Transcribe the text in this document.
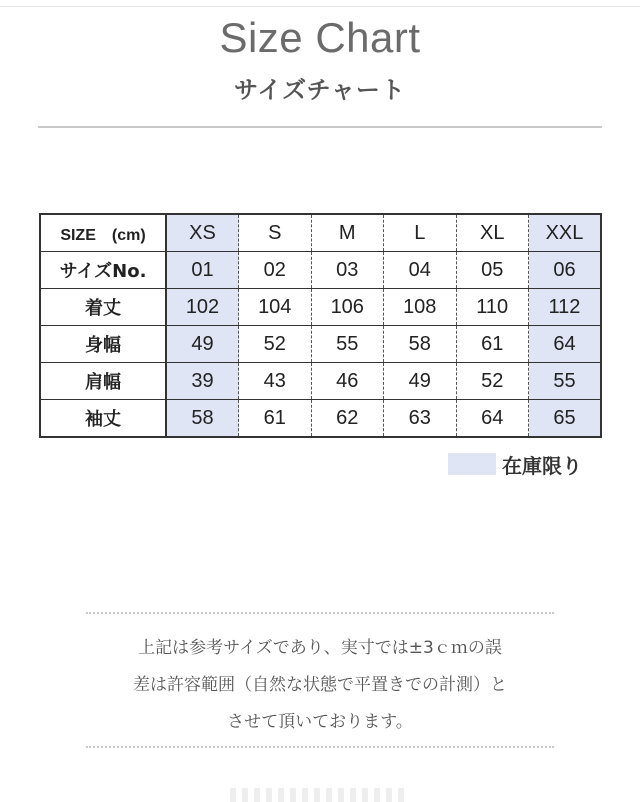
Size Chart
サイズチャート
SIZE　(cm)	XS	S	M	L	XL	XXL
サイズNo.	01	02	03	04	05	06
着丈	102	104	106	108	110	112
身幅	49	52	55	58	61	64
肩幅	39	43	46	49	52	55
袖丈	58	61	62	63	64	65
在庫限り
上記は参考サイズであり、実寸では±3ｃｍの誤
差は許容範囲（自然な状態で平置きでの計測）と
させて頂いております。
